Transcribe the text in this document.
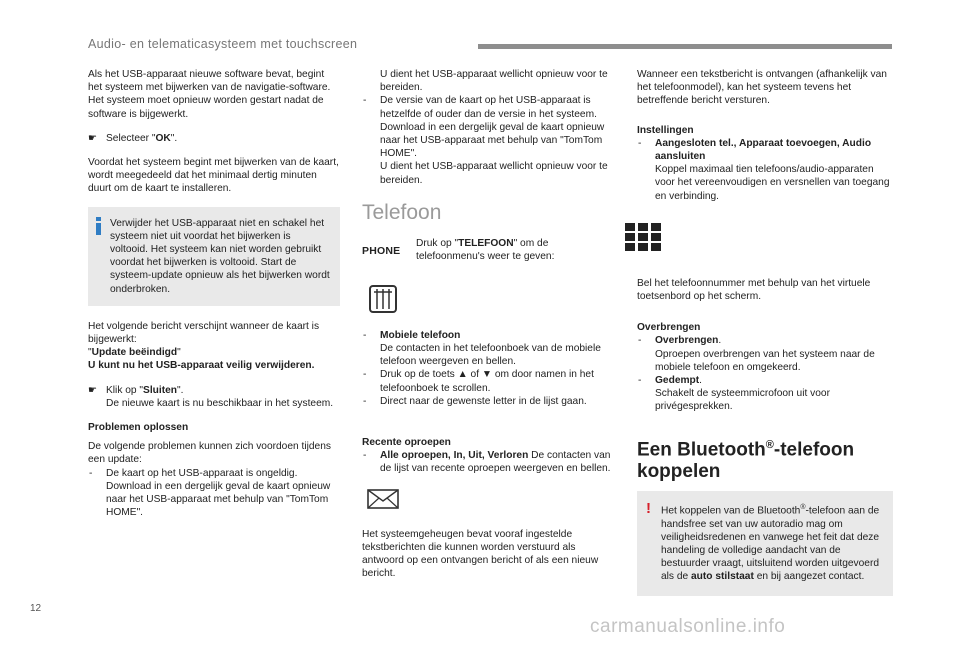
Audio- en telematicasysteem met touchscreen

Als het USB-apparaat nieuwe software bevat, begint het systeem met bijwerken van de navigatie-software. Het systeem moet opnieuw worden gestart nadat de software is bijgewerkt.

☛ Selecteer "OK".

Voordat het systeem begint met bijwerken van de kaart, wordt meegedeeld dat het minimaal dertig minuten duurt om de kaart te installeren.

Verwijder het USB-apparaat niet en schakel het systeem niet uit voordat het bijwerken is voltooid. Het systeem kan niet worden gebruikt voordat het bijwerken is voltooid. Start de systeem-update opnieuw als het bijwerken wordt onderbroken.

Het volgende bericht verschijnt wanneer de kaart is bijgewerkt:
"Update beëindigd"
U kunt nu het USB-apparaat veilig verwijderen.

☛ Klik op "Sluiten".
De nieuwe kaart is nu beschikbaar in het systeem.

Problemen oplossen

De volgende problemen kunnen zich voordoen tijdens een update:

- De kaart op het USB-apparaat is ongeldig. Download in een dergelijk geval de kaart opnieuw naar het USB-apparaat met behulp van "TomTom HOME".

U dient het USB-apparaat wellicht opnieuw voor te bereiden.

- De versie van de kaart op het USB-apparaat is hetzelfde of ouder dan de versie in het systeem. Download in een dergelijk geval de kaart opnieuw naar het USB-apparaat met behulp van "TomTom HOME".

U dient het USB-apparaat wellicht opnieuw voor te bereiden.

Telefoon
PHONE
Druk op "TELEFOON" om de telefoonmenu's weer te geven:

- Mobiele telefoon
De contacten in het telefoonboek van de mobiele telefoon weergeven en bellen.

- Druk op de toets ▲ of ▼ om door namen in het telefoonboek te scrollen.

- Direct naar de gewenste letter in de lijst gaan.

Recente oproepen

- Alle oproepen, In, Uit, Verloren De contacten van de lijst van recente oproepen weergeven en bellen.

Het systeemgeheugen bevat vooraf ingestelde tekstberichten die kunnen worden verstuurd als antwoord op een ontvangen bericht of als een nieuw bericht.

Wanneer een tekstbericht is ontvangen (afhankelijk van het telefoonmodel), kan het systeem tevens het betreffende bericht versturen.

Instellingen

- Aangesloten tel., Apparaat toevoegen, Audio aansluiten
Koppel maximaal tien telefoons/audio-apparaten voor het vereenvoudigen en versnellen van toegang en verbinding.

Bel het telefoonnummer met behulp van het virtuele toetsenbord op het scherm.

Overbrengen

- Overbrengen.
Oproepen overbrengen van het systeem naar de mobiele telefoon en omgekeerd.

- Gedempt.
Schakelt de systeemmicrofoon uit voor privégesprekken.

Een Bluetooth®-telefoon koppelen
! Het koppelen van de Bluetooth®-telefoon aan de handsfree set van uw autoradio mag om veiligheidsredenen en vanwege het feit dat deze handeling de volledige aandacht van de bestuurder vraagt, uitsluitend worden uitgevoerd als de auto stilstaat en bij aangezet contact.
12
carmanualsonline.info
